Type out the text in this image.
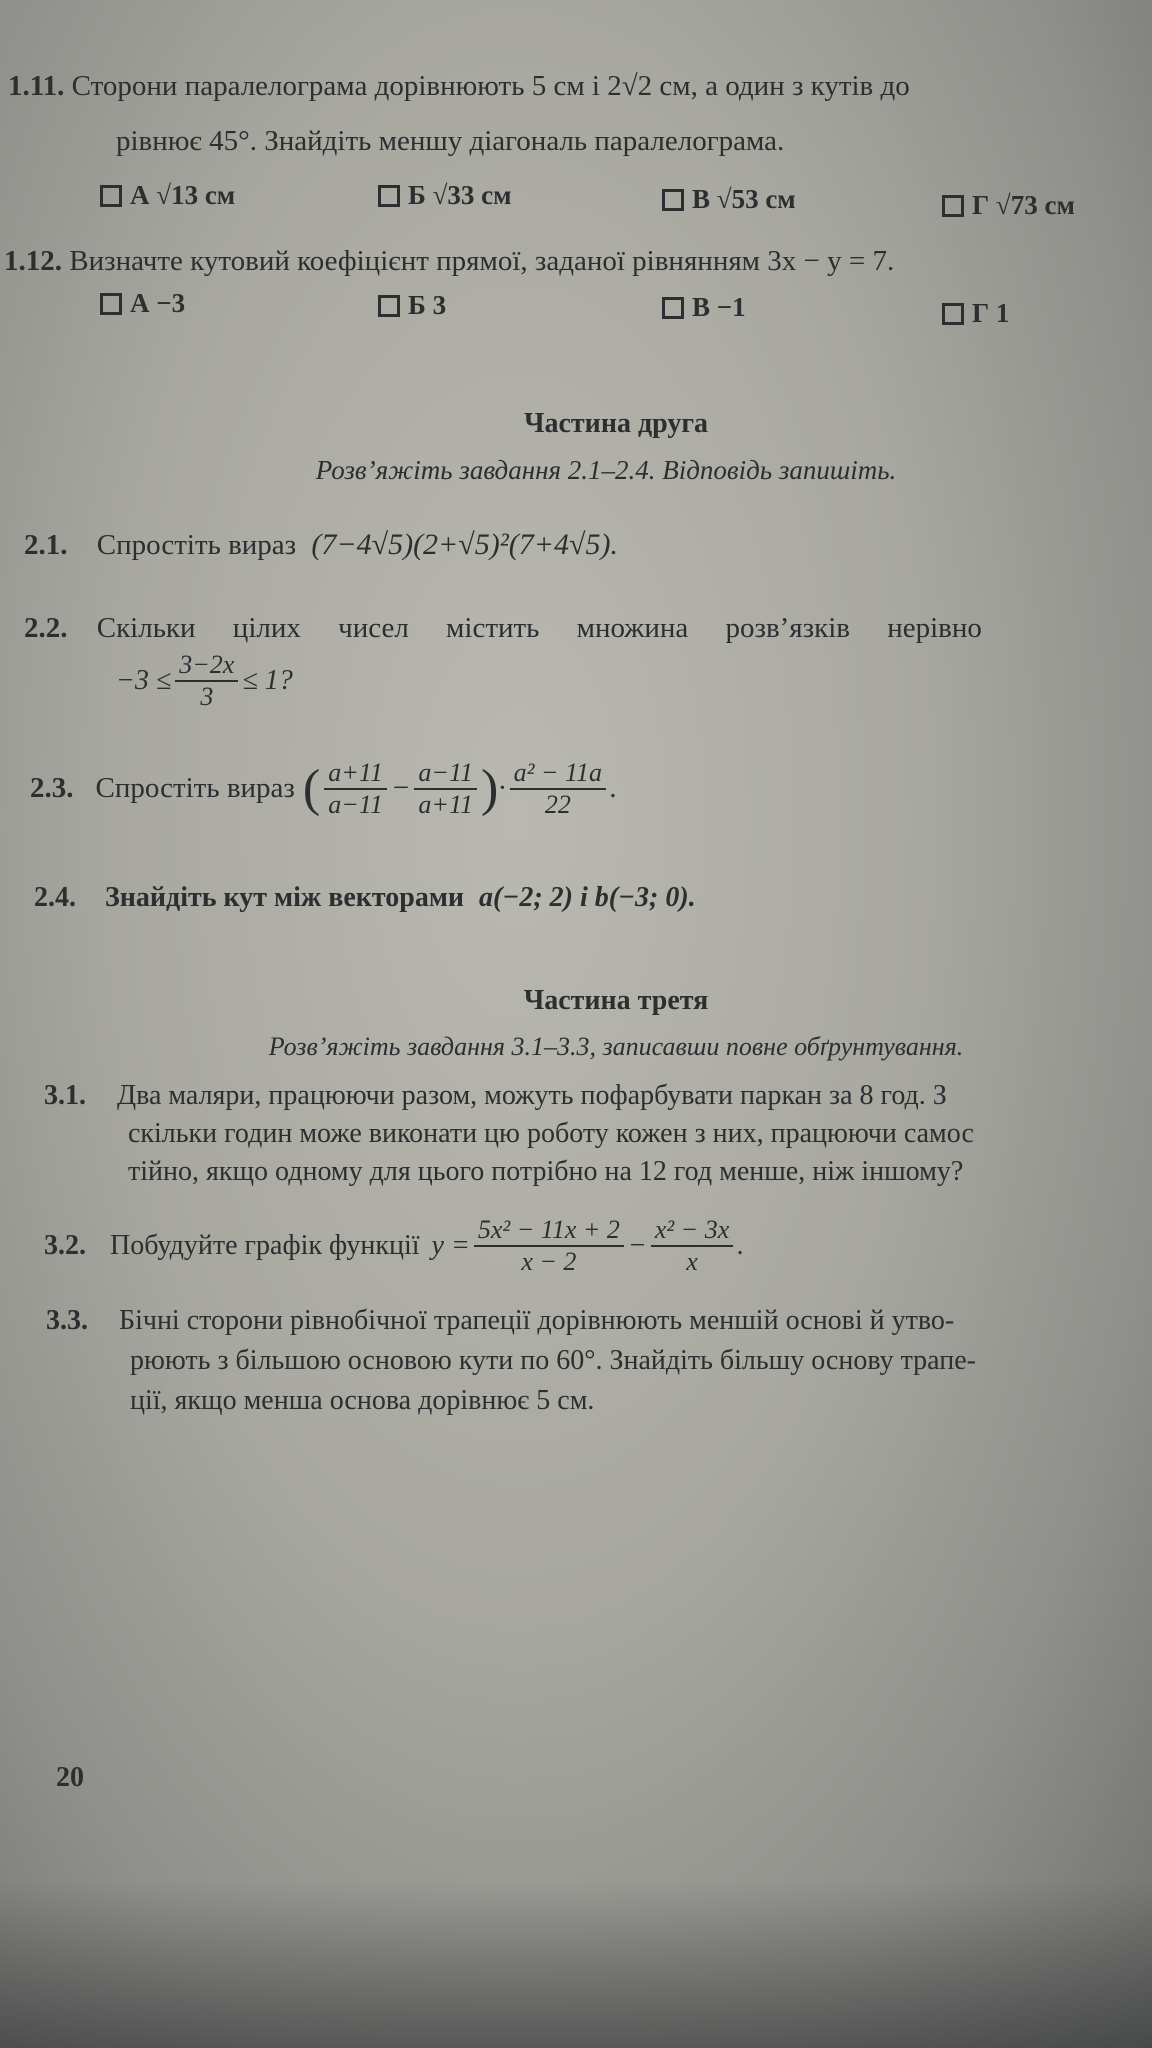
1.11. Сторони паралелограма дорівнюють 5 см і 2√2 см, а один з кутів до
рівнює 45°. Знайдіть меншу діагональ паралелограма.
А √13 см	Б √33 см	В √53 см	Г √73 см
1.12. Визначте кутовий коефіцієнт прямої, заданої рівнянням 3x − y = 7.
А −3	Б 3	В −1	Г 1
Частина друга
Розв’яжіть завдання 2.1–2.4. Відповідь запишіть.
2.1. Спростіть вираз (7−4√5)(2+√5)²(7+4√5).
2.2. Скільки цілих чисел містить множина розв’язків нерівно
$-3 \le \frac{3-2x}{3} \le 1$?
2.3. Спростіть вираз ( $\frac{a+11}{a-11} - \frac{a-11}{a+11}$ ) · $\frac{\text{a² − 11a}}{22}$ .
2.4. Знайдіть кут між векторами a(−2; 2) і b(−3; 0).
Частина третя
Розв’яжіть завдання 3.1–3.3, записавши повне обґрунтування.
3.1. Два маляри, працюючи разом, можуть пофарбувати паркан за 8 год. З
скільки годин може виконати цю роботу кожен з них, працюючи самос
тійно, якщо одному для цього потрібно на 12 год менше, ніж іншому?
3.2. Побудуйте графік функції $y = \frac{\text{5x² − 11x + 2}}{x - 2} - \frac{\text{x² − 3x}}{x}$ .
3.3. Бічні сторони рівнобічної трапеції дорівнюють меншій основі й утво-
рюють з більшою основою кути по 60°. Знайдіть більшу основу трапе-
ції, якщо менша основа дорівнює 5 см.
20
